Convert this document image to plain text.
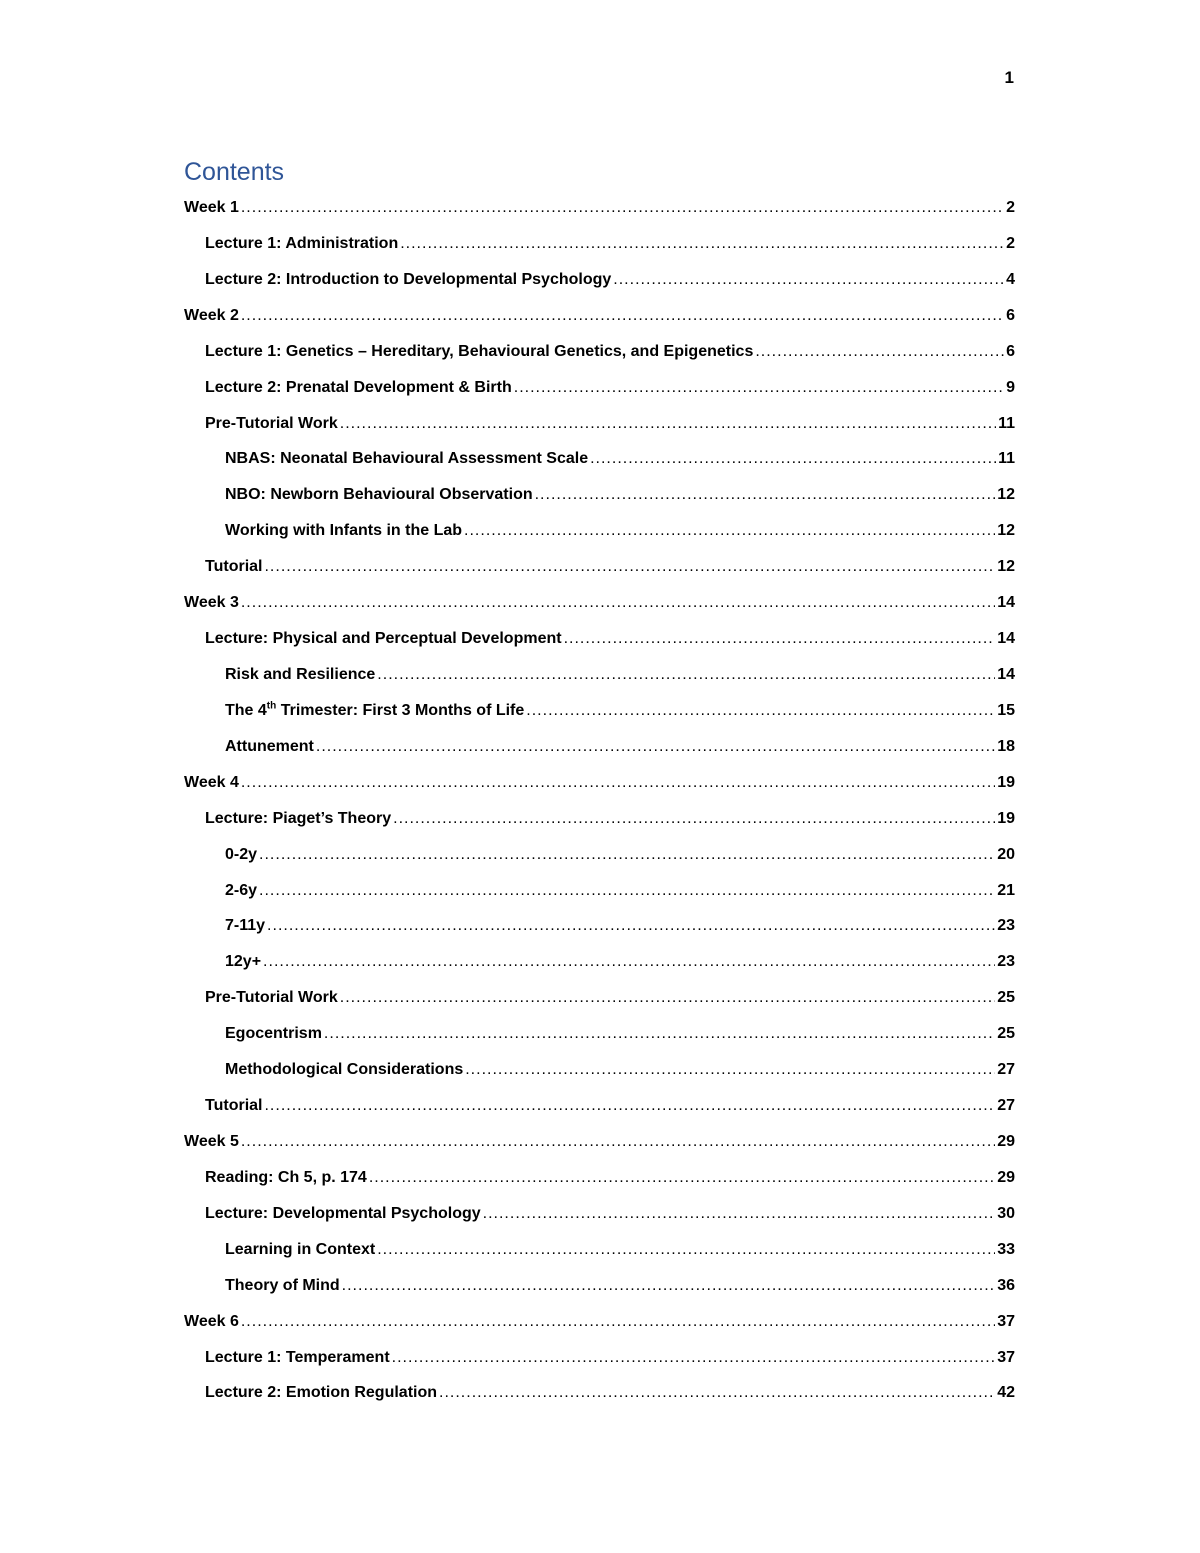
1
Contents
Week 1 .....	2
Lecture 1: Administration .....	2
Lecture 2: Introduction to Developmental Psychology .....	4
Week 2 .....	6
Lecture 1: Genetics – Hereditary, Behavioural Genetics, and Epigenetics .....	6
Lecture 2: Prenatal Development & Birth .....	9
Pre-Tutorial Work .....	11
NBAS: Neonatal Behavioural Assessment Scale .....	11
NBO: Newborn Behavioural Observation .....	12
Working with Infants in the Lab .....	12
Tutorial .....	12
Week 3 .....	14
Lecture: Physical and Perceptual Development .....	14
Risk and Resilience .....	14
The 4th Trimester: First 3 Months of Life .....	15
Attunement .....	18
Week 4 .....	19
Lecture: Piaget’s Theory .....	19
0-2y .....	20
2-6y .....	21
7-11y .....	23
12y+ .....	23
Pre-Tutorial Work .....	25
Egocentrism .....	25
Methodological Considerations .....	27
Tutorial .....	27
Week 5 .....	29
Reading: Ch 5, p. 174 .....	29
Lecture: Developmental Psychology .....	30
Learning in Context .....	33
Theory of Mind .....	36
Week 6 .....	37
Lecture 1: Temperament .....	37
Lecture 2: Emotion Regulation .....	42
